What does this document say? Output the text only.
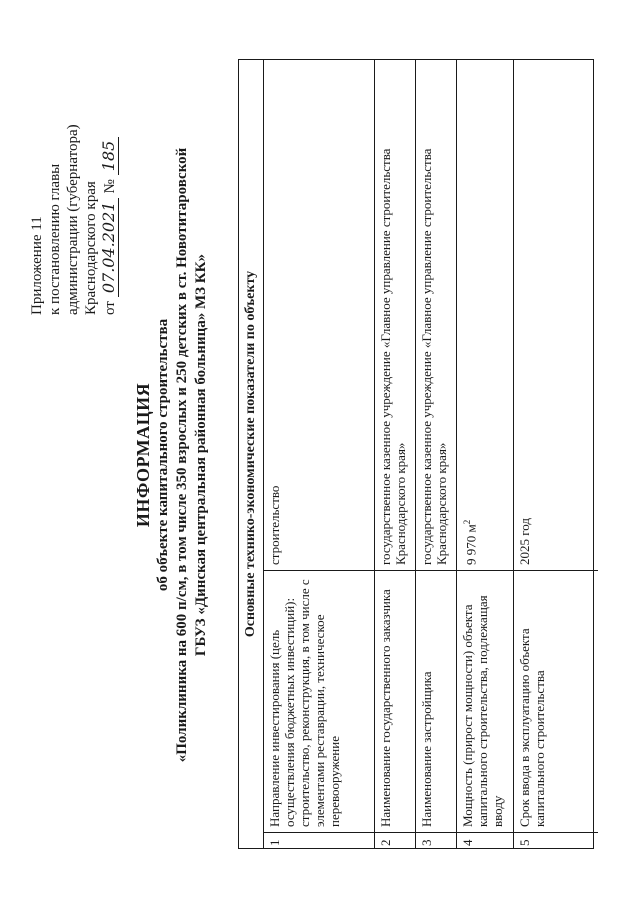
Приложение 11 к постановлению главы администрации (губернатора) Краснодарского края от
07.04.2021
№
185
ИНФОРМАЦИЯ об объекте капитального строительства «Поликлиника на 600 п/см, в том числе 350 взрослых и 250 детских в ст. Новотитаровской ГБУЗ «Динская центральная районная больница» МЗ КК» Основные технико-экономические показатели по объекту
1
Направление инвестирования (цель осуществления бюджетных инвестиций): строительство, реконструкция, в том числе с элементами реставрации, техническое перевооружение
строительство
2
Наименование государственного заказчика
государственное казенное учреждение «Главное управление строительства Краснодарского края»
3
Наименование застройщика
государственное казенное учреждение «Главное управление строительства Краснодарского края»
4
Мощность (прирост мощности) объекта капитального строительства, подлежащая вводу
9 970 $м^2$
5
Срок ввода в эксплуатацию объекта капитального строительства
2025 год
